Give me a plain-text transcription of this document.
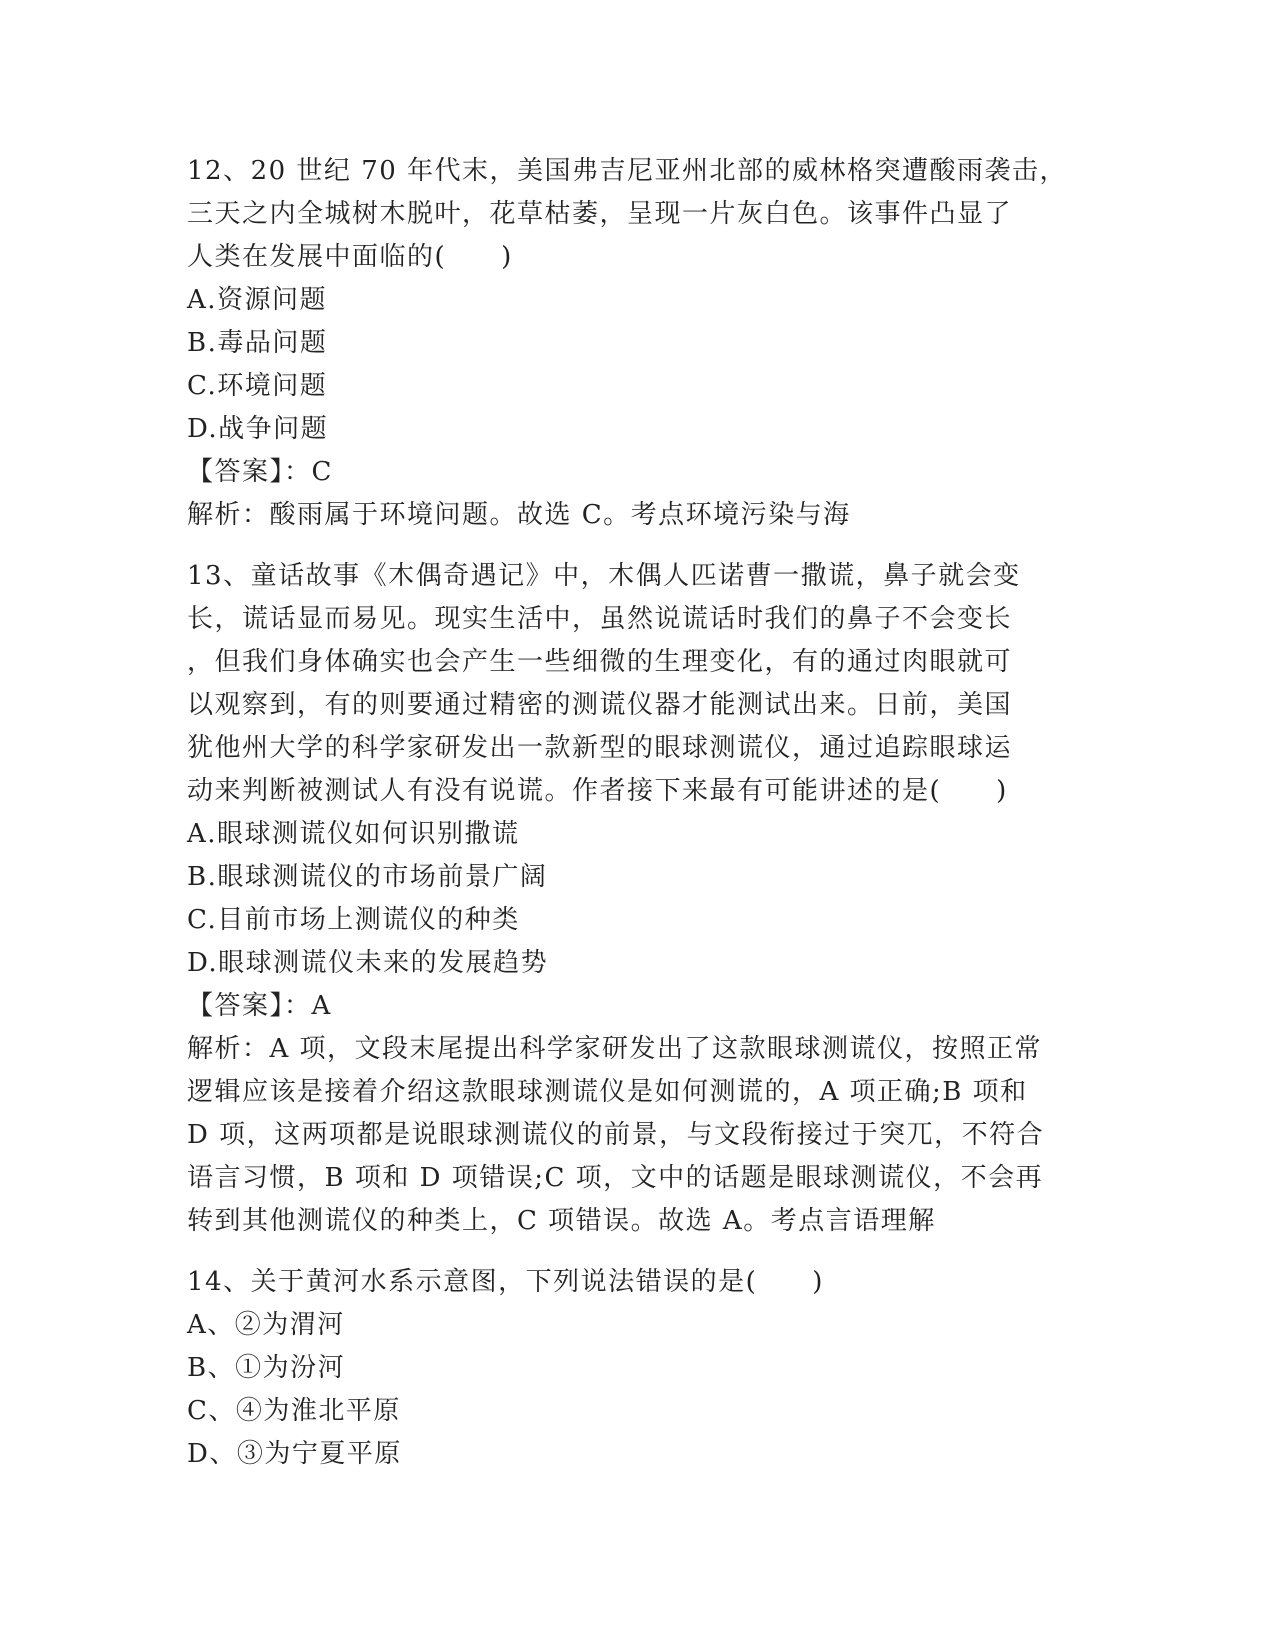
12、20 世纪 70 年代末，美国弗吉尼亚州北部的威林格突遭酸雨袭击，
三天之内全城树木脱叶，花草枯萎，呈现一片灰白色。该事件凸显了
人类在发展中面临的(　　)
A.资源问题
B.毒品问题
C.环境问题
D.战争问题
【答案】：C
解析：酸雨属于环境问题。故选 C。考点环境污染与海
13、童话故事《木偶奇遇记》中，木偶人匹诺曹一撒谎，鼻子就会变
长，谎话显而易见。现实生活中，虽然说谎话时我们的鼻子不会变长
，但我们身体确实也会产生一些细微的生理变化，有的通过肉眼就可
以观察到，有的则要通过精密的测谎仪器才能测试出来。日前，美国
犹他州大学的科学家研发出一款新型的眼球测谎仪，通过追踪眼球运
动来判断被测试人有没有说谎。作者接下来最有可能讲述的是(　　)
A.眼球测谎仪如何识别撒谎
B.眼球测谎仪的市场前景广阔
C.目前市场上测谎仪的种类
D.眼球测谎仪未来的发展趋势
【答案】：A
解析：A 项，文段末尾提出科学家研发出了这款眼球测谎仪，按照正常
逻辑应该是接着介绍这款眼球测谎仪是如何测谎的，A 项正确;B 项和
D 项，这两项都是说眼球测谎仪的前景，与文段衔接过于突兀，不符合
语言习惯，B 项和 D 项错误;C 项，文中的话题是眼球测谎仪，不会再
转到其他测谎仪的种类上，C 项错误。故选 A。考点言语理解
14、关于黄河水系示意图，下列说法错误的是(　　)
A、②为渭河
B、①为汾河
C、④为淮北平原
D、③为宁夏平原
